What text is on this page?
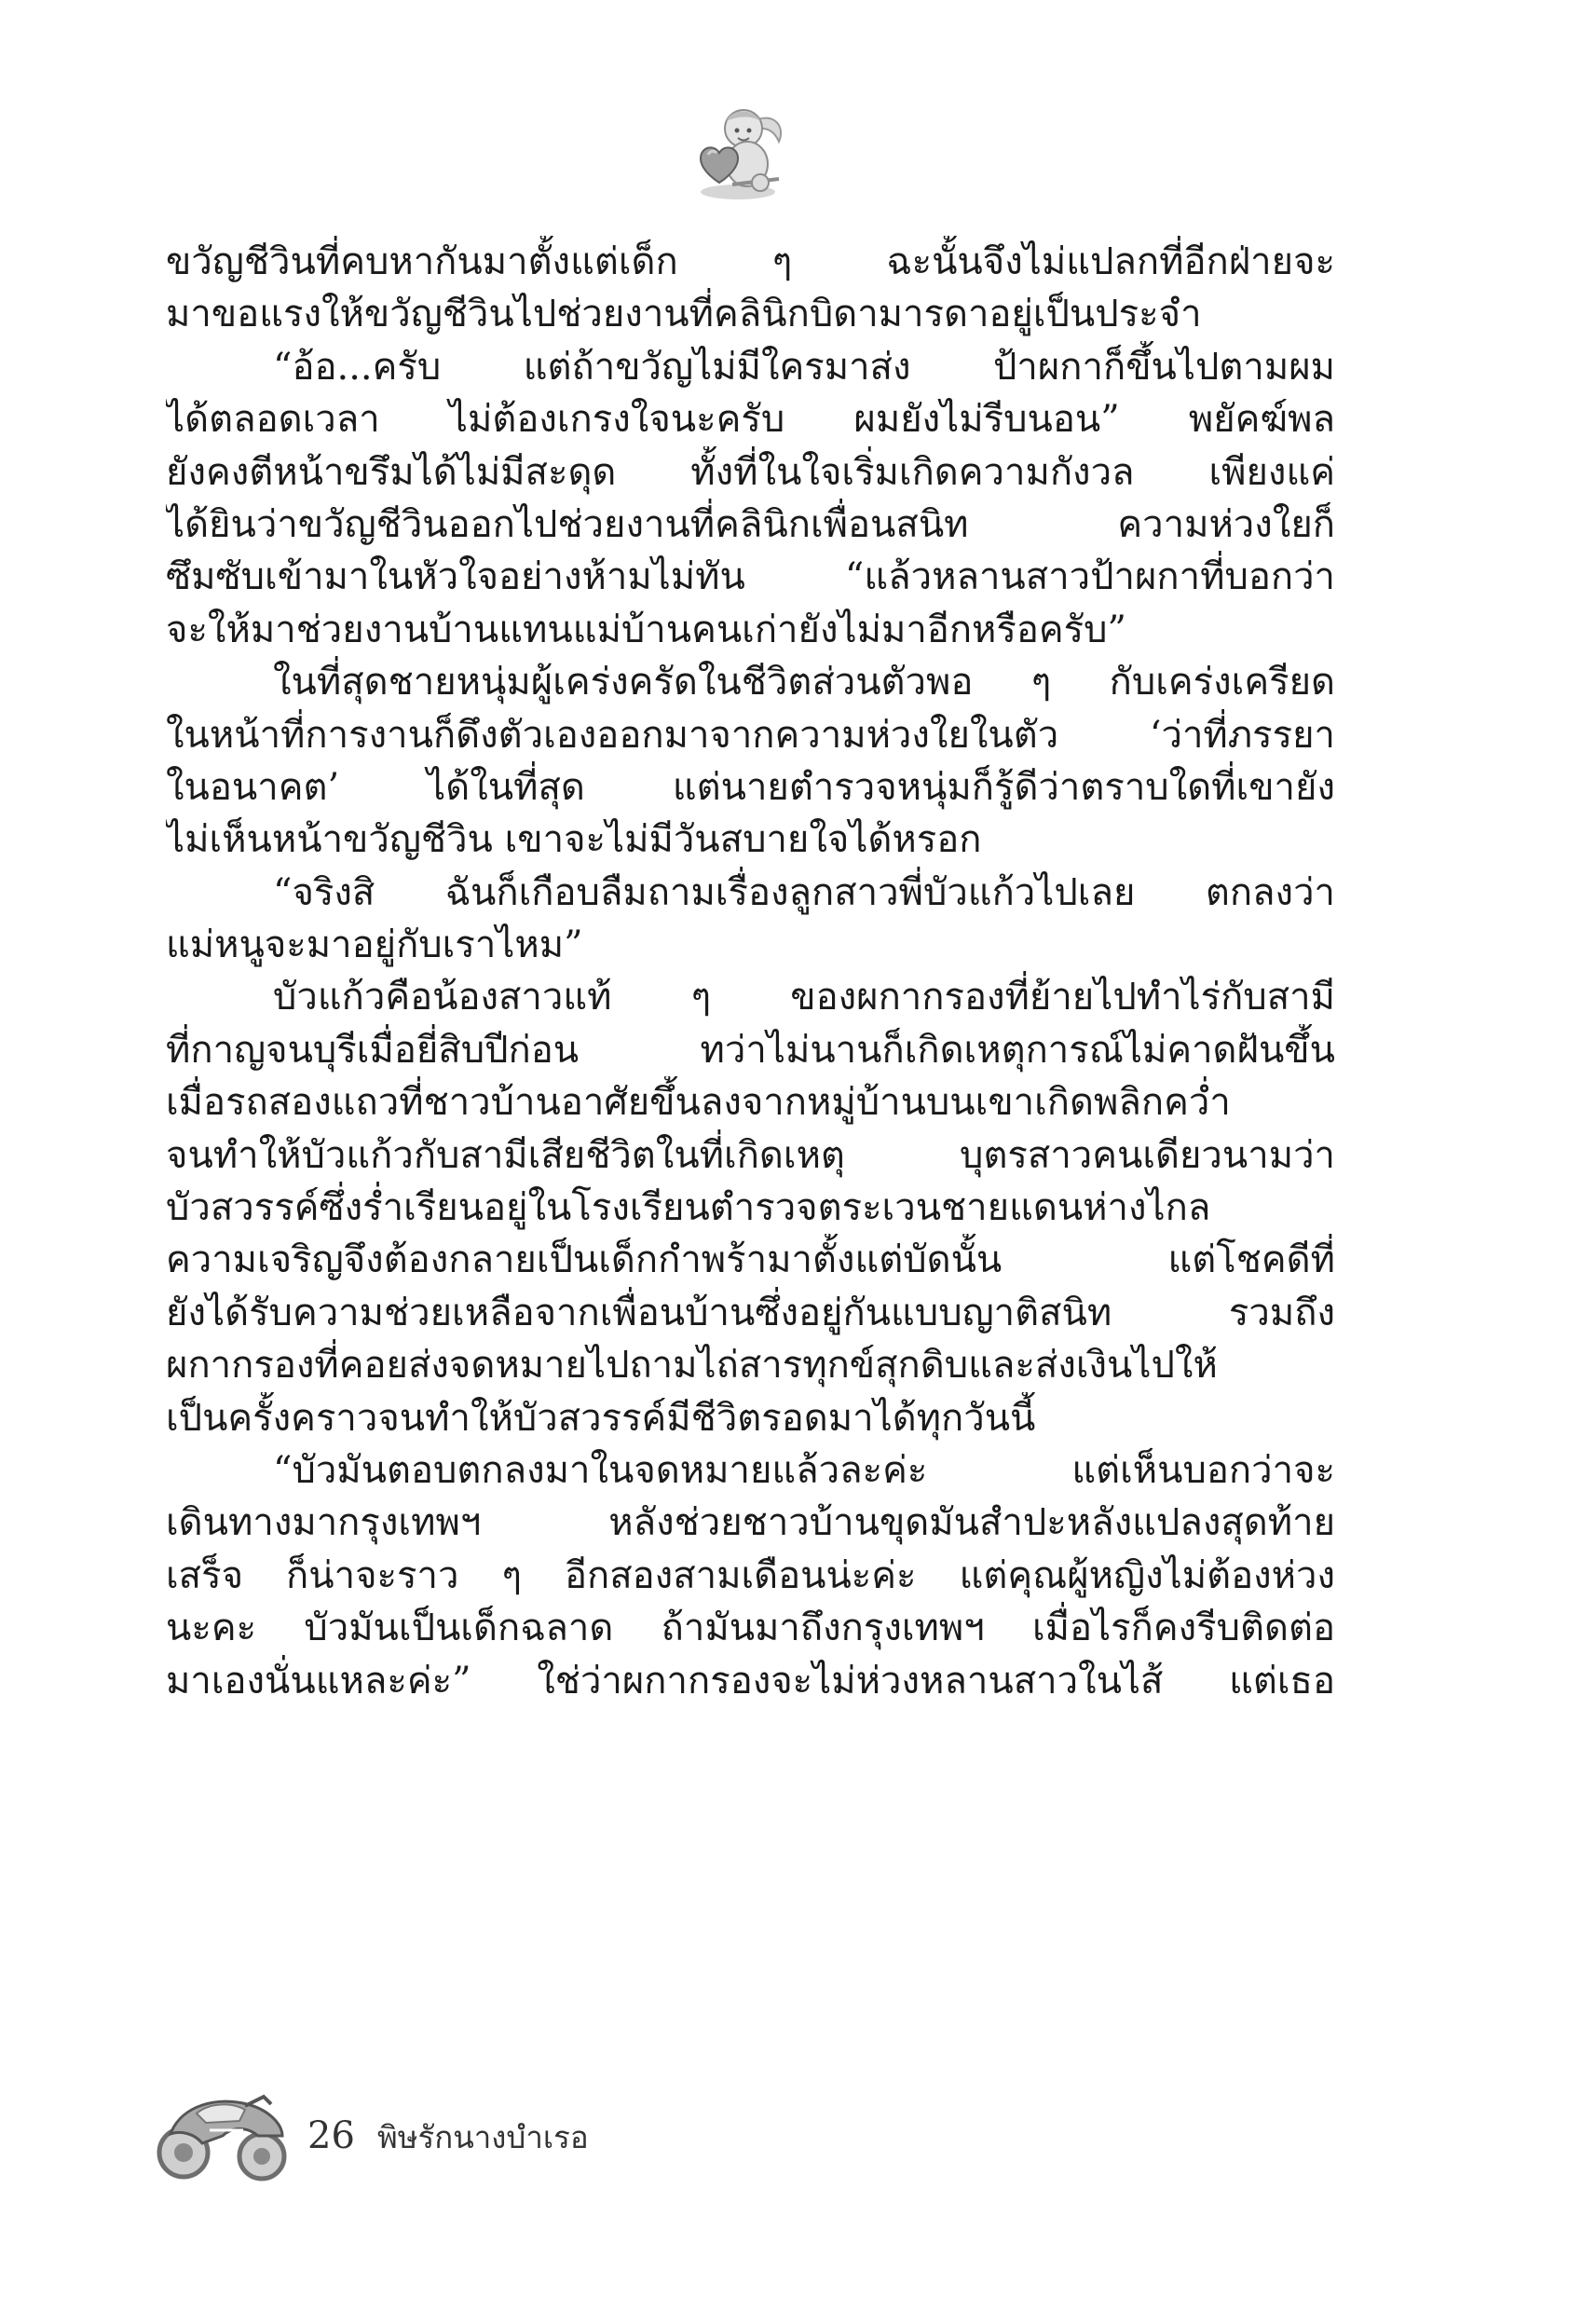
ขวัญชีวินที่คบหากันมาตั้งแต่เด็ก ๆ ฉะนั้นจึงไม่แปลกที่อีกฝ่ายจะ
มาขอแรงให้ขวัญชีวินไปช่วยงานที่คลินิกบิดามารดาอยู่เป็นประจำ
“อ้อ...ครับ แต่ถ้าขวัญไม่มีใครมาส่ง ป้าผกาก็ขึ้นไปตามผม
ได้ตลอดเวลา ไม่ต้องเกรงใจนะครับ ผมยังไม่รีบนอน” พยัคฆ์พล
ยังคงตีหน้าขรึมได้ไม่มีสะดุด ทั้งที่ในใจเริ่มเกิดความกังวล เพียงแค่
ได้ยินว่าขวัญชีวินออกไปช่วยงานที่คลินิกเพื่อนสนิท ความห่วงใยก็
ซึมซับเข้ามาในหัวใจอย่างห้ามไม่ทัน “แล้วหลานสาวป้าผกาที่บอกว่า
จะให้มาช่วยงานบ้านแทนแม่บ้านคนเก่ายังไม่มาอีกหรือครับ”
ในที่สุดชายหนุ่มผู้เคร่งครัดในชีวิตส่วนตัวพอ ๆ กับเคร่งเครียด
ในหน้าที่การงานก็ดึงตัวเองออกมาจากความห่วงใยในตัว ‘ว่าที่ภรรยา
ในอนาคต’ ได้ในที่สุด แต่นายตำรวจหนุ่มก็รู้ดีว่าตราบใดที่เขายัง
ไม่เห็นหน้าขวัญชีวิน เขาจะไม่มีวันสบายใจได้หรอก
“จริงสิ ฉันก็เกือบลืมถามเรื่องลูกสาวพี่บัวแก้วไปเลย ตกลงว่า
แม่หนูจะมาอยู่กับเราไหม”
บัวแก้วคือน้องสาวแท้ ๆ ของผกากรองที่ย้ายไปทำไร่กับสามี
ที่กาญจนบุรีเมื่อยี่สิบปีก่อน ทว่าไม่นานก็เกิดเหตุการณ์ไม่คาดฝันขึ้น
เมื่อรถสองแถวที่ชาวบ้านอาศัยขึ้นลงจากหมู่บ้านบนเขาเกิดพลิกคว่ำ
จนทำให้บัวแก้วกับสามีเสียชีวิตในที่เกิดเหตุ บุตรสาวคนเดียวนามว่า
บัวสวรรค์ซึ่งร่ำเรียนอยู่ในโรงเรียนตำรวจตระเวนชายแดนห่างไกล
ความเจริญจึงต้องกลายเป็นเด็กกำพร้ามาตั้งแต่บัดนั้น แต่โชคดีที่
ยังได้รับความช่วยเหลือจากเพื่อนบ้านซึ่งอยู่กันแบบญาติสนิท รวมถึง
ผกากรองที่คอยส่งจดหมายไปถามไถ่สารทุกข์สุกดิบและส่งเงินไปให้
เป็นครั้งคราวจนทำให้บัวสวรรค์มีชีวิตรอดมาได้ทุกวันนี้
“บัวมันตอบตกลงมาในจดหมายแล้วละค่ะ แต่เห็นบอกว่าจะ
เดินทางมากรุงเทพฯ หลังช่วยชาวบ้านขุดมันสำปะหลังแปลงสุดท้าย
เสร็จ ก็น่าจะราว ๆ อีกสองสามเดือนน่ะค่ะ แต่คุณผู้หญิงไม่ต้องห่วง
นะคะ บัวมันเป็นเด็กฉลาด ถ้ามันมาถึงกรุงเทพฯ เมื่อไรก็คงรีบติดต่อ
มาเองนั่นแหละค่ะ” ใช่ว่าผกากรองจะไม่ห่วงหลานสาวในไส้ แต่เธอ
26 พิษรักนางบำเรอ
